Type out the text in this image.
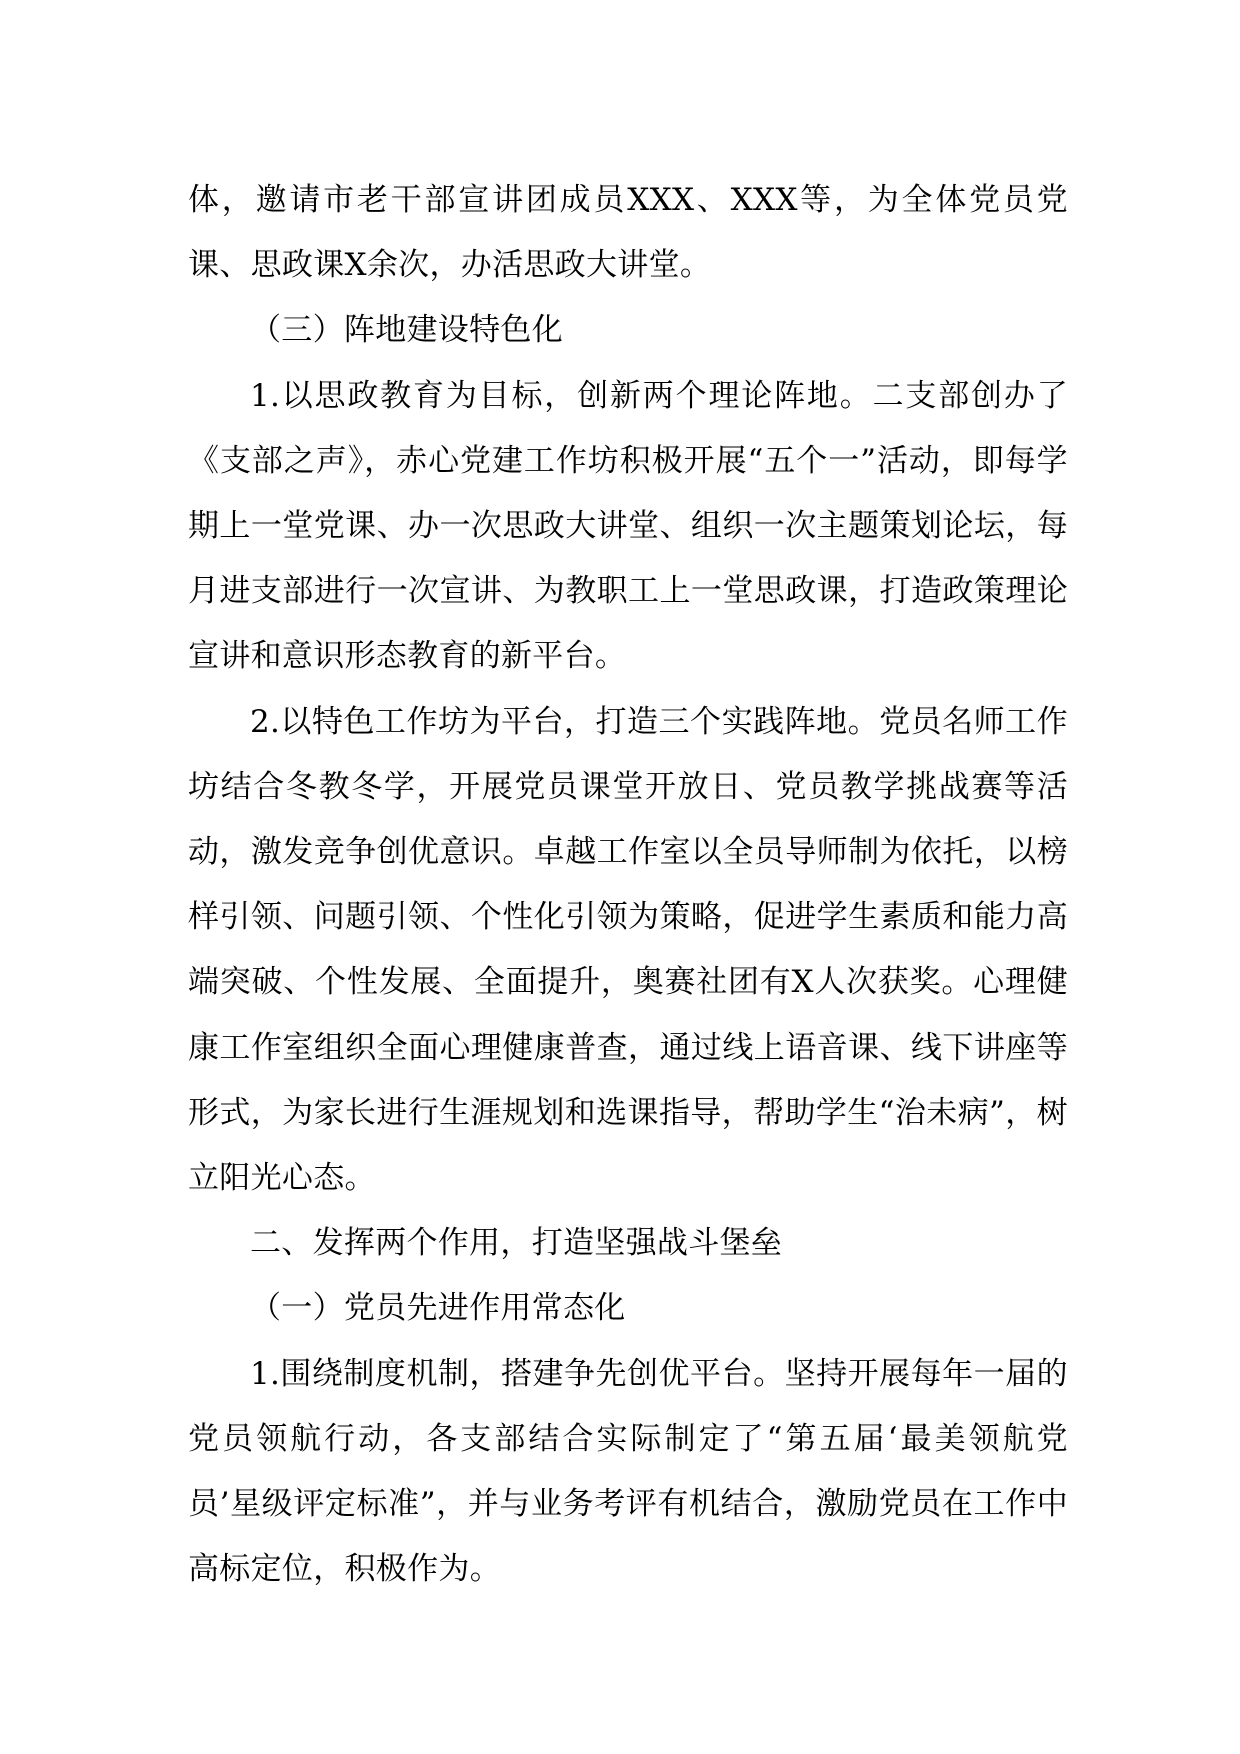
体，邀请市老干部宣讲团成员XXX、XXX等，为全体党员党课、思政课X余次，办活思政大讲堂。

（三）阵地建设特色化

1.以思政教育为目标，创新两个理论阵地。二支部创办了《支部之声》，赤心党建工作坊积极开展“五个一”活动，即每学期上一堂党课、办一次思政大讲堂、组织一次主题策划论坛，每月进支部进行一次宣讲、为教职工上一堂思政课，打造政策理论宣讲和意识形态教育的新平台。

2.以特色工作坊为平台，打造三个实践阵地。党员名师工作坊结合冬教冬学，开展党员课堂开放日、党员教学挑战赛等活动，激发竞争创优意识。卓越工作室以全员导师制为依托，以榜样引领、问题引领、个性化引领为策略，促进学生素质和能力高端突破、个性发展、全面提升，奥赛社团有X人次获奖。心理健康工作室组织全面心理健康普查，通过线上语音课、线下讲座等形式，为家长进行生涯规划和选课指导，帮助学生“治未病”，树立阳光心态。

二、发挥两个作用，打造坚强战斗堡垒

（一）党员先进作用常态化

1.围绕制度机制，搭建争先创优平台。坚持开展每年一届的党员领航行动，各支部结合实际制定了“第五届‘最美领航党员’星级评定标准”，并与业务考评有机结合，激励党员在工作中高标定位，积极作为。
